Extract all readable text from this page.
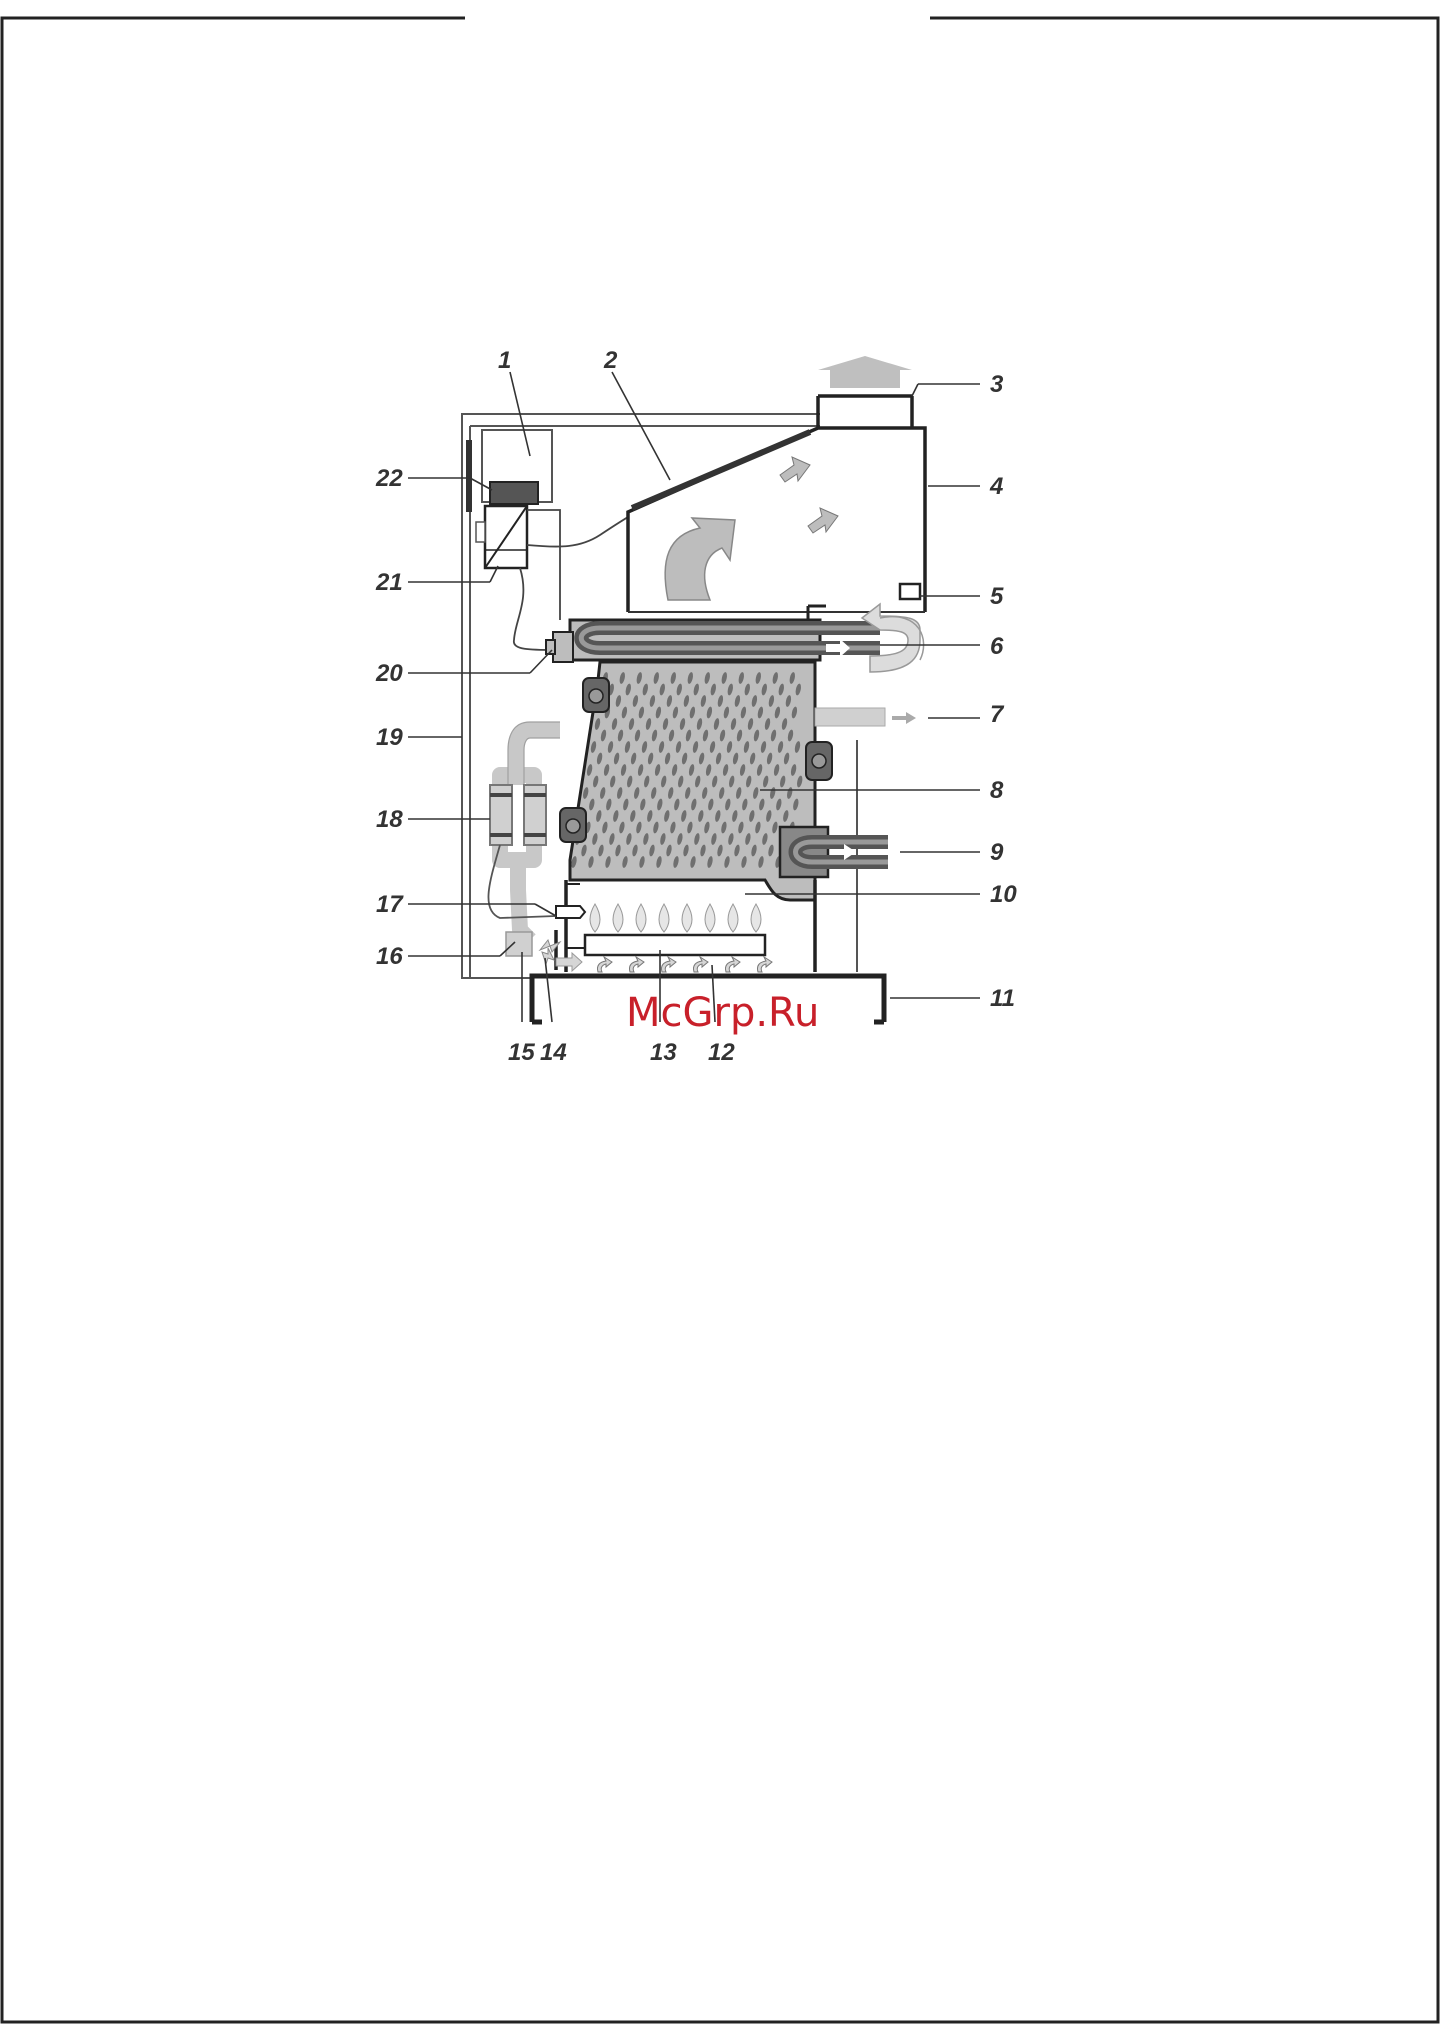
1	2
3
4
5
6
7
8
9
10
11
12
13
14
15
16
17
18
19
20
21
22
McGrp.Ru
